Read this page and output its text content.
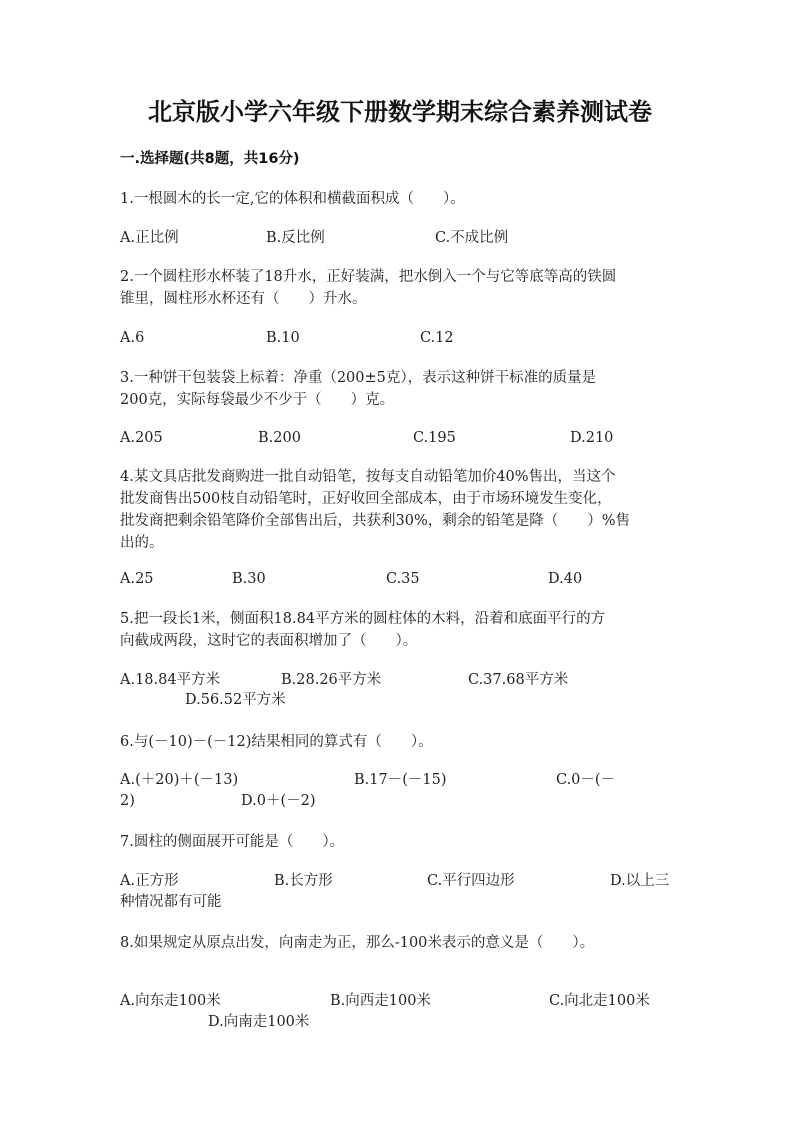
北京版小学六年级下册数学期末综合素养测试卷
一.选择题(共8题，共16分)
1.一根圆木的长一定,它的体积和横截面积成（　　）。
A.正比例	B.反比例	C.不成比例
2.一个圆柱形水杯装了18升水，正好装满，把水倒入一个与它等底等高的铁圆
锥里，圆柱形水杯还有（　　）升水。
A.6	B.10	C.12
3.一种饼干包装袋上标着：净重（200±5克），表示这种饼干标准的质量是
200克，实际每袋最少不少于（　　）克。
A.205	B.200	C.195	D.210
4.某文具店批发商购进一批自动铅笔，按每支自动铅笔加价40%售出，当这个
批发商售出500枝自动铅笔时，正好收回全部成本，由于市场环境发生变化，
批发商把剩余铅笔降价全部售出后，共获利30%，剩余的铅笔是降（　　）%售
出的。
A.25	B.30	C.35	D.40
5.把一段长1米，侧面积18.84平方米的圆柱体的木料，沿着和底面平行的方
向截成两段，这时它的表面积增加了（　　）。
A.18.84平方米	B.28.26平方米	C.37.68平方米
D.56.52平方米
6.与(－10)－(－12)结果相同的算式有（　　）。
A.(＋20)＋(－13)	B.17－(－15)	C.0－(－
2)	D.0＋(－2)
7.圆柱的侧面展开可能是（　　）。
A.正方形	B.长方形	C.平行四边形	D.以上三
种情况都有可能
8.如果规定从原点出发，向南走为正，那么-100米表示的意义是（　　）。
A.向东走100米	B.向西走100米	C.向北走100米
D.向南走100米
